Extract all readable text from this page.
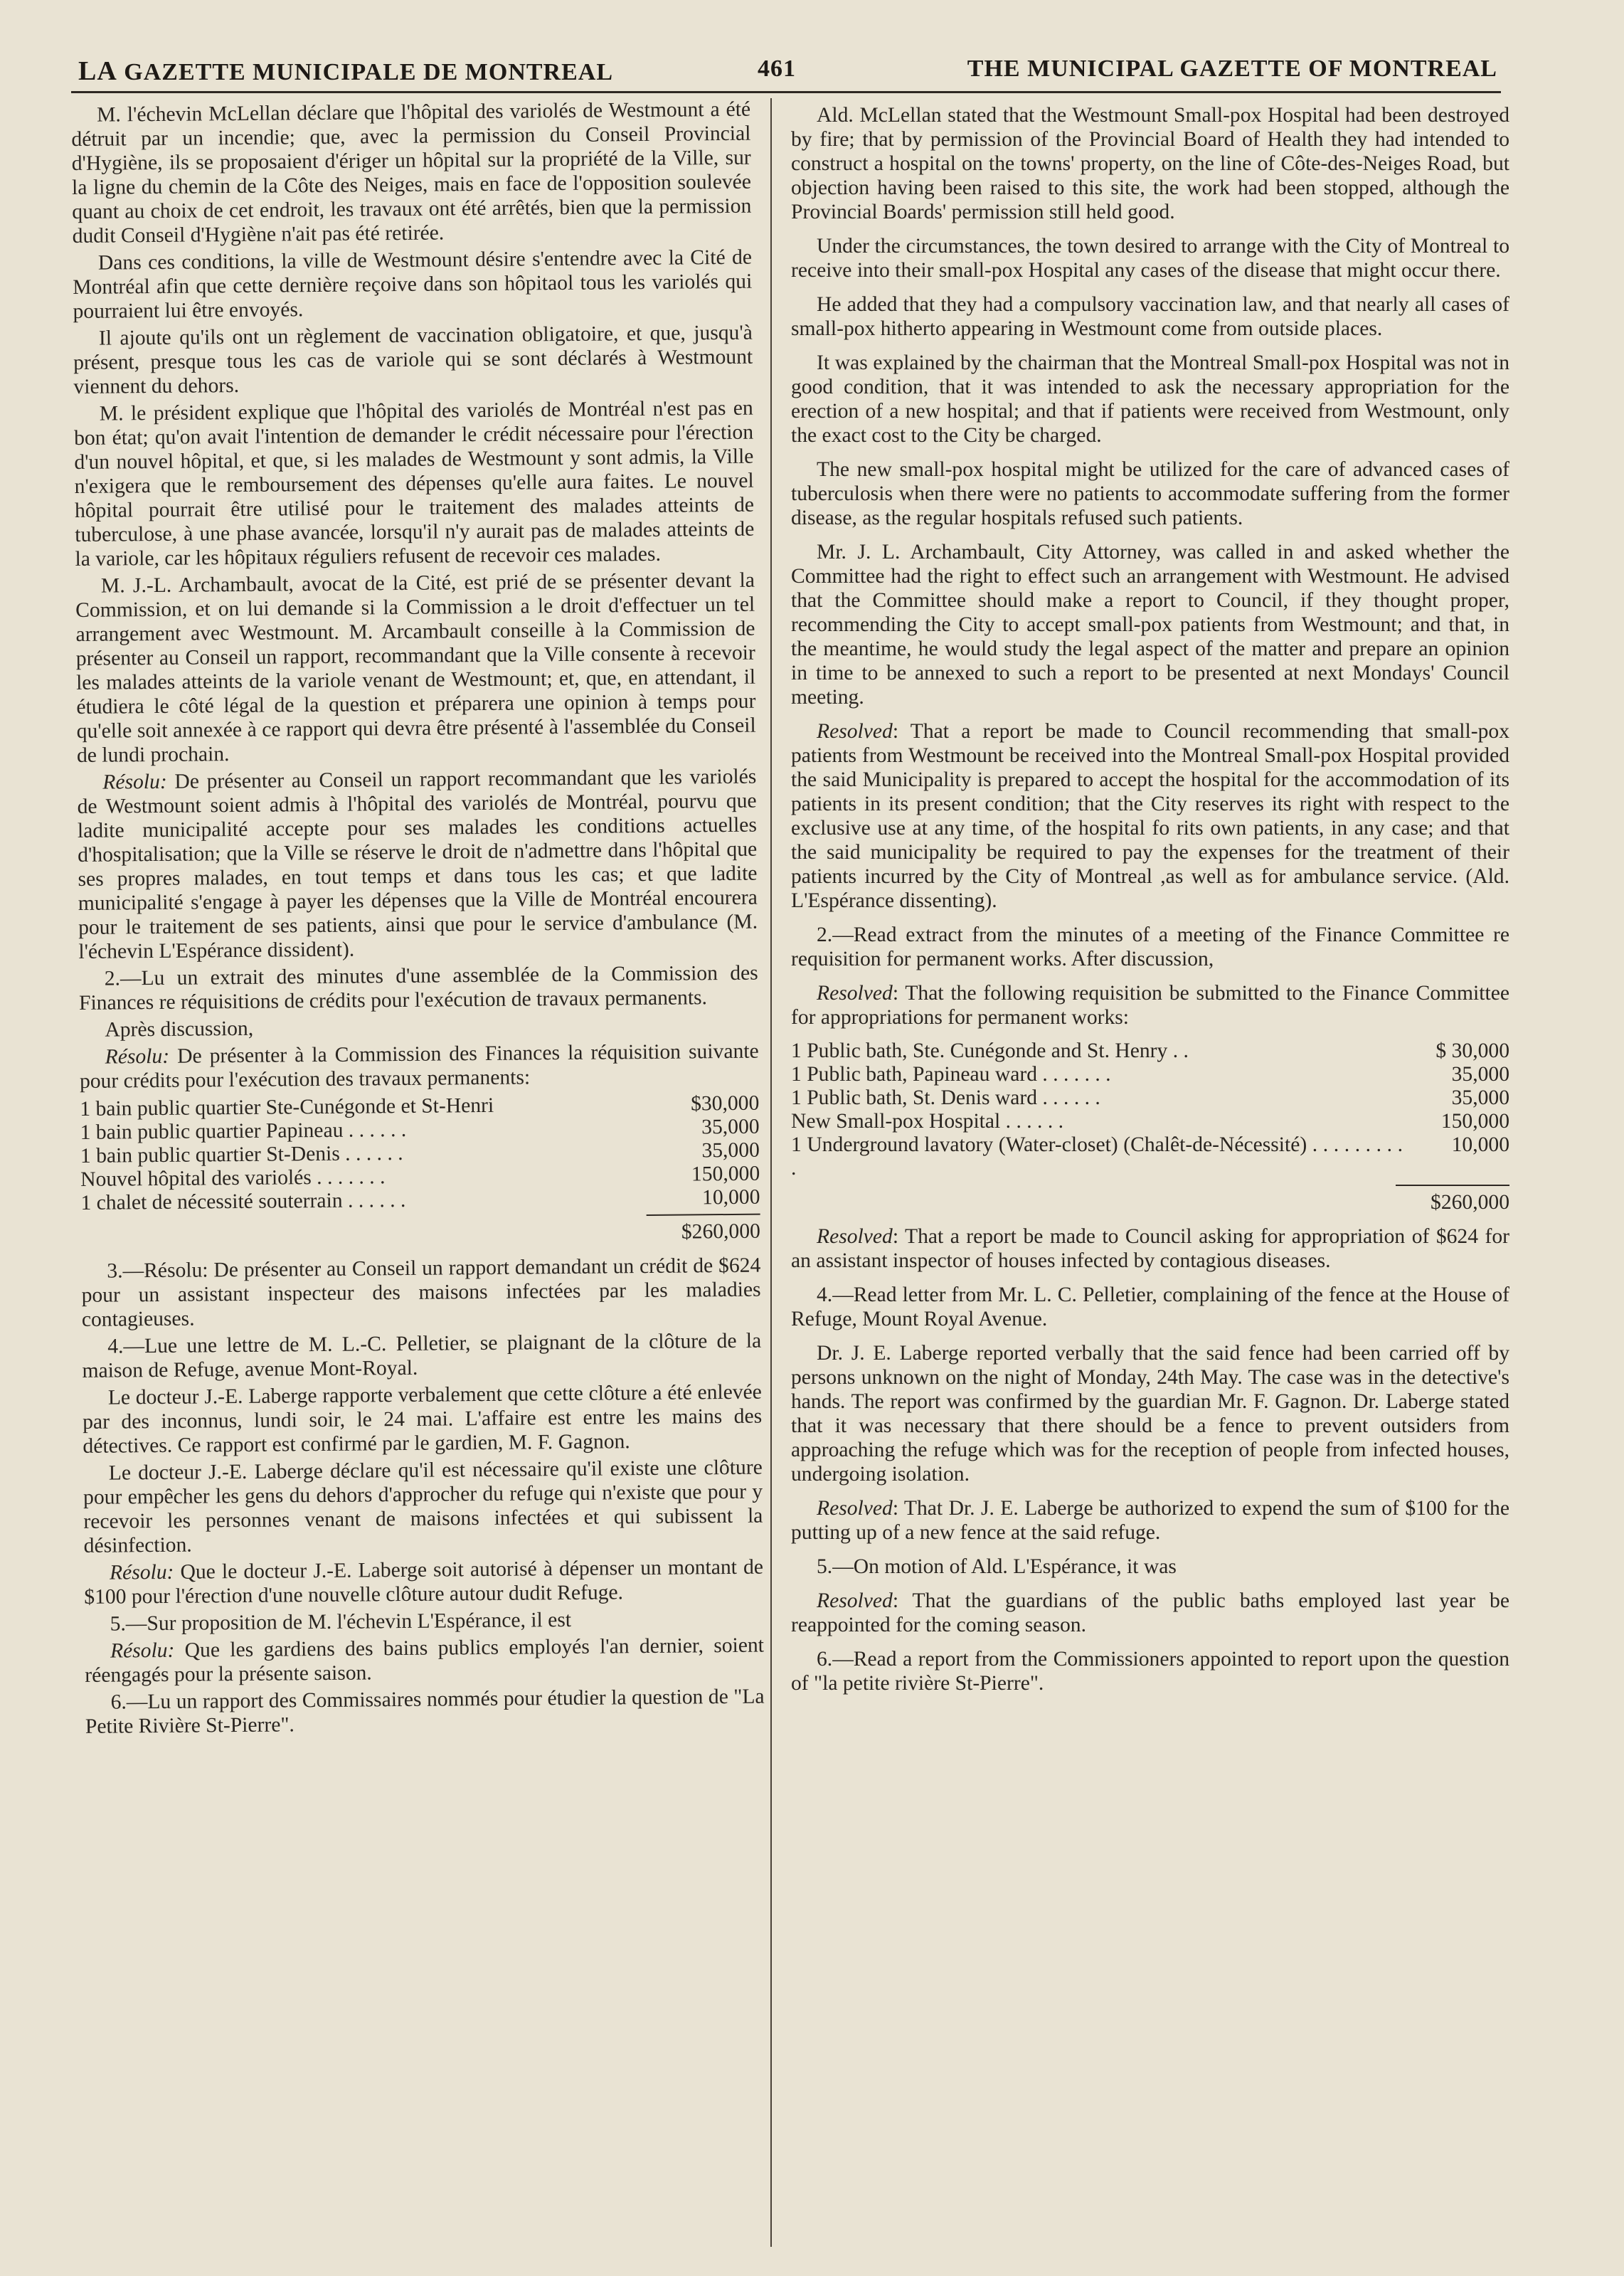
LA GAZETTE MUNICIPALE DE MONTREAL	461	THE MUNICIPAL GAZETTE OF MONTREAL

M. l'échevin McLellan déclare que l'hôpital des variolés de Westmount a été détruit par un incendie; que, avec la permission du Conseil Provincial d'Hygiène, ils se proposaient d'ériger un hôpital sur la propriété de la Ville, sur la ligne du chemin de la Côte des Neiges, mais en face de l'opposition soulevée quant au choix de cet endroit, les travaux ont été arrêtés, bien que la permission dudit Conseil d'Hygiène n'ait pas été retirée.

Dans ces conditions, la ville de Westmount désire s'entendre avec la Cité de Montréal afin que cette dernière reçoive dans son hôpitaol tous les variolés qui pourraient lui être envoyés.

Il ajoute qu'ils ont un règlement de vaccination obligatoire, et que, jusqu'à présent, presque tous les cas de variole qui se sont déclarés à Westmount viennent du dehors.

M. le président explique que l'hôpital des variolés de Montréal n'est pas en bon état; qu'on avait l'intention de demander le crédit nécessaire pour l'érection d'un nouvel hôpital, et que, si les malades de Westmount y sont admis, la Ville n'exigera que le remboursement des dépenses qu'elle aura faites. Le nouvel hôpital pourrait être utilisé pour le traitement des malades atteints de tuberculose, à une phase avancée, lorsqu'il n'y aurait pas de malades atteints de la variole, car les hôpitaux réguliers refusent de recevoir ces malades.

M. J.-L. Archambault, avocat de la Cité, est prié de se présenter devant la Commission, et on lui demande si la Commission a le droit d'effectuer un tel arrangement avec Westmount. M. Arcambault conseille à la Commission de présenter au Conseil un rapport, recommandant que la Ville consente à recevoir les malades atteints de la variole venant de Westmount; et, que, en attendant, il étudiera le côté légal de la question et préparera une opinion à temps pour qu'elle soit annexée à ce rapport qui devra être présenté à l'assemblée du Conseil de lundi prochain.

Résolu: De présenter au Conseil un rapport recommandant que les variolés de Westmount soient admis à l'hôpital des variolés de Montréal, pourvu que ladite municipalité accepte pour ses malades les conditions actuelles d'hospitalisation; que la Ville se réserve le droit de n'admettre dans l'hôpital que ses propres malades, en tout temps et dans tous les cas; et que ladite municipalité s'engage à payer les dépenses que la Ville de Montréal encourera pour le traitement de ses patients, ainsi que pour le service d'ambulance (M. l'échevin L'Espérance dissident).

2.—Lu un extrait des minutes d'une assemblée de la Commission des Finances re réquisitions de crédits pour l'exécution de travaux permanents.

Après discussion,

Résolu: De présenter à la Commission des Finances la réquisition suivante pour crédits pour l'exécution des travaux permanents:

1 bain public quartier Ste-Cunégonde et St-Henri	$30,000
1 bain public quartier Papineau . . . . . .	35,000
1 bain public quartier St-Denis . . . . . .	35,000
Nouvel hôpital des variolés . . . . . . .	150,000
1 chalet de nécessité souterrain . . . . . .	10,000
$260,000

3.—Résolu: De présenter au Conseil un rapport demandant un crédit de $624 pour un assistant inspecteur des maisons infectées par les maladies contagieuses.

4.—Lue une lettre de M. L.-C. Pelletier, se plaignant de la clôture de la maison de Refuge, avenue Mont-Royal.

Le docteur J.-E. Laberge rapporte verbalement que cette clôture a été enlevée par des inconnus, lundi soir, le 24 mai. L'affaire est entre les mains des détectives. Ce rapport est confirmé par le gardien, M. F. Gagnon.

Le docteur J.-E. Laberge déclare qu'il est nécessaire qu'il existe une clôture pour empêcher les gens du dehors d'approcher du refuge qui n'existe que pour y recevoir les personnes venant de maisons infectées et qui subissent la désinfection.

Résolu: Que le docteur J.-E. Laberge soit autorisé à dépenser un montant de $100 pour l'érection d'une nouvelle clôture autour dudit Refuge.

5.—Sur proposition de M. l'échevin L'Espérance, il est

Résolu: Que les gardiens des bains publics employés l'an dernier, soient réengagés pour la présente saison.

6.—Lu un rapport des Commissaires nommés pour étudier la question de "La Petite Rivière St-Pierre".

Ald. McLellan stated that the Westmount Small-pox Hospital had been destroyed by fire; that by permission of the Provincial Board of Health they had intended to construct a hospital on the towns' property, on the line of Côte-des-Neiges Road, but objection having been raised to this site, the work had been stopped, although the Provincial Boards' permission still held good.

Under the circumstances, the town desired to arrange with the City of Montreal to receive into their small-pox Hospital any cases of the disease that might occur there.

He added that they had a compulsory vaccination law, and that nearly all cases of small-pox hitherto appearing in Westmount come from outside places.

It was explained by the chairman that the Montreal Small-pox Hospital was not in good condition, that it was intended to ask the necessary appropriation for the erection of a new hospital; and that if patients were received from Westmount, only the exact cost to the City be charged.

The new small-pox hospital might be utilized for the care of advanced cases of tuberculosis when there were no patients to accommodate suffering from the former disease, as the regular hospitals refused such patients.

Mr. J. L. Archambault, City Attorney, was called in and asked whether the Committee had the right to effect such an arrangement with Westmount. He advised that the Committee should make a report to Council, if they thought proper, recommending the City to accept small-pox patients from Westmount; and that, in the meantime, he would study the legal aspect of the matter and prepare an opinion in time to be annexed to such a report to be presented at next Mondays' Council meeting.

Resolved: That a report be made to Council recommending that small-pox patients from Westmount be received into the Montreal Small-pox Hospital provided the said Municipality is prepared to accept the hospital for the accommodation of its patients in its present condition; that the City reserves its right with respect to the exclusive use at any time, of the hospital fo rits own patients, in any case; and that the said municipality be required to pay the expenses for the treatment of their patients incurred by the City of Montreal ,as well as for ambulance service. (Ald. L'Espérance dissenting).

2.—Read extract from the minutes of a meeting of the Finance Committee re requisition for permanent works. After discussion,

Resolved: That the following requisition be submitted to the Finance Committee for appropriations for permanent works:

1 Public bath, Ste. Cunégonde and St. Henry . .	$ 30,000
1 Public bath, Papineau ward . . . . . . .	35,000
1 Public bath, St. Denis ward . . . . . .	35,000
New Small-pox Hospital . . . . . .	150,000
1 Underground lavatory (Water-closet) (Chalêt-de-Nécessité) . . . . . . . . . .	10,000
$260,000

Resolved: That a report be made to Council asking for appropriation of $624 for an assistant inspector of houses infected by contagious diseases.

4.—Read letter from Mr. L. C. Pelletier, complaining of the fence at the House of Refuge, Mount Royal Avenue.

Dr. J. E. Laberge reported verbally that the said fence had been carried off by persons unknown on the night of Monday, 24th May. The case was in the detective's hands. The report was confirmed by the guardian Mr. F. Gagnon. Dr. Laberge stated that it was necessary that there should be a fence to prevent outsiders from approaching the refuge which was for the reception of people from infected houses, undergoing isolation.

Resolved: That Dr. J. E. Laberge be authorized to expend the sum of $100 for the putting up of a new fence at the said refuge.

5.—On motion of Ald. L'Espérance, it was

Resolved: That the guardians of the public baths employed last year be reappointed for the coming season.

6.—Read a report from the Commissioners appointed to report upon the question of "la petite rivière St-Pierre".
